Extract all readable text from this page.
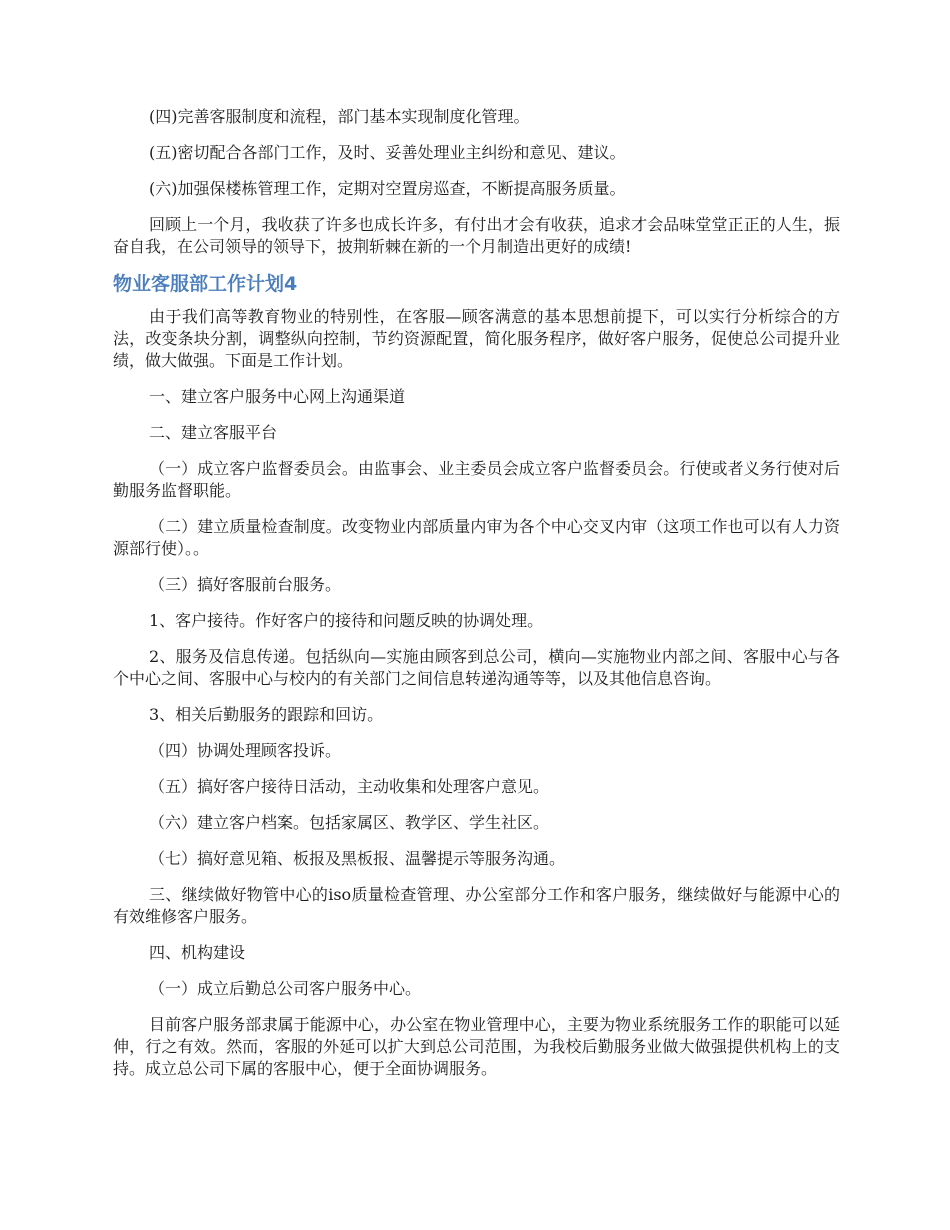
(四)完善客服制度和流程，部门基本实现制度化管理。

(五)密切配合各部门工作，及时、妥善处理业主纠纷和意见、建议。

(六)加强保楼栋管理工作，定期对空置房巡查，不断提高服务质量。

回顾上一个月，我收获了许多也成长许多，有付出才会有收获，追求才会品味堂堂正正的人生，振奋自我，在公司领导的领导下，披荆斩棘在新的一个月制造出更好的成绩!

物业客服部工作计划4

由于我们高等教育物业的特别性，在客服—顾客满意的基本思想前提下，可以实行分析综合的方法，改变条块分割，调整纵向控制，节约资源配置，简化服务程序，做好客户服务，促使总公司提升业绩，做大做强。下面是工作计划。

一、建立客户服务中心网上沟通渠道

二、建立客服平台

（一）成立客户监督委员会。由监事会、业主委员会成立客户监督委员会。行使或者义务行使对后勤服务监督职能。

（二）建立质量检查制度。改变物业内部质量内审为各个中心交叉内审（这项工作也可以有人力资源部行使）。。

（三）搞好客服前台服务。

1、客户接待。作好客户的接待和问题反映的协调处理。

2、服务及信息传递。包括纵向—实施由顾客到总公司，横向—实施物业内部之间、客服中心与各个中心之间、客服中心与校内的有关部门之间信息转递沟通等等，以及其他信息咨询。

3、相关后勤服务的跟踪和回访。

（四）协调处理顾客投诉。

（五）搞好客户接待日活动，主动收集和处理客户意见。

（六）建立客户档案。包括家属区、教学区、学生社区。

（七）搞好意见箱、板报及黑板报、温馨提示等服务沟通。

三、继续做好物管中心的iso质量检查管理、办公室部分工作和客户服务，继续做好与能源中心的有效维修客户服务。

四、机构建设

（一）成立后勤总公司客户服务中心。

目前客户服务部隶属于能源中心，办公室在物业管理中心，主要为物业系统服务工作的职能可以延伸，行之有效。然而，客服的外延可以扩大到总公司范围，为我校后勤服务业做大做强提供机构上的支持。成立总公司下属的客服中心，便于全面协调服务。
